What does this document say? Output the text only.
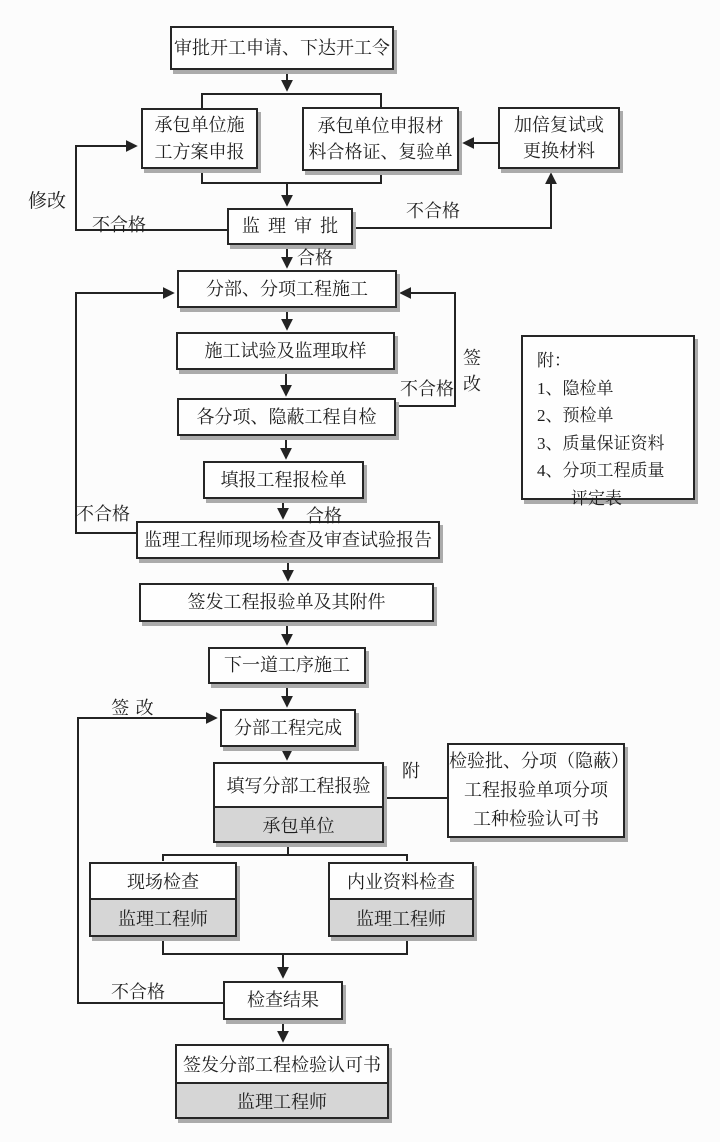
审批开工申请、下达开工令
承包单位施
工方案申报
承包单位申报材
料合格证、复验单
加倍复试或
更换材料
监理审批
分部、分项工程施工
施工试验及监理取样
各分项、隐蔽工程自检
填报工程报检单
监理工程师现场检查及审查试验报告
签发工程报验单及其附件
下一道工序施工
分部工程完成
填写分部工程报验
承包单位
检验批、分项（隐蔽）
工程报验单项分项
工种检验认可书
现场检查
监理工程师
内业资料检查
监理工程师
检查结果
签发分部工程检验认可书
监理工程师
附：
1、隐检单
2、预检单
3、质量保证资料
4、分项工程质量
评定表
修改
不合格
不合格
合格
不合格 签改
不合格	合格
签改
附
不合格
